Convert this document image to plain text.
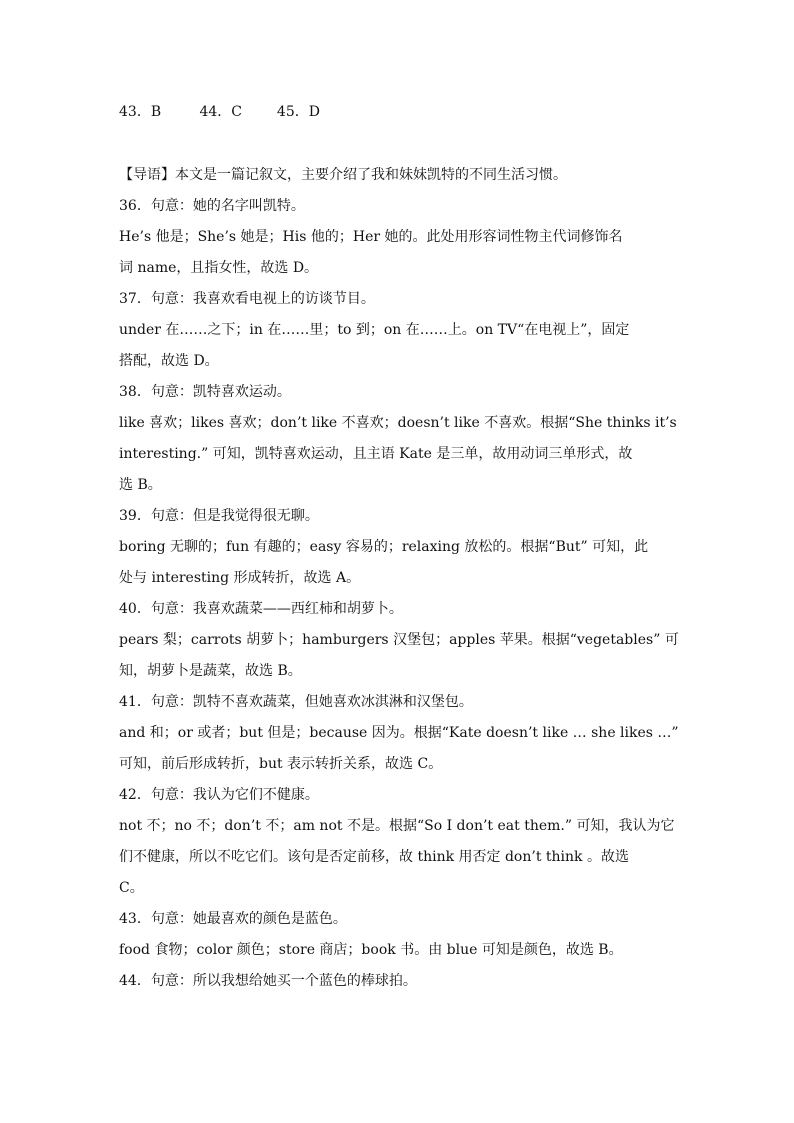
43．B	44．C 45．D
【导语】本文是一篇记叙文，主要介绍了我和妹妹凯特的不同生活习惯。
36．句意：她的名字叫凯特。
He’s 他是；She’s 她是；His 他的；Her 她的。此处用形容词性物主代词修饰名
词 name，且指女性，故选 D。
37．句意：我喜欢看电视上的访谈节目。
under 在……之下；in 在……里；to 到；on 在……上。on TV“在电视上”，固定
搭配，故选 D。
38．句意：凯特喜欢运动。
like 喜欢；likes 喜欢；don’t like 不喜欢；doesn’t like 不喜欢。根据“She thinks it’s
interesting.” 可知，凯特喜欢运动，且主语 Kate 是三单，故用动词三单形式，故
选 B。
39．句意：但是我觉得很无聊。
boring 无聊的；fun 有趣的；easy 容易的；relaxing 放松的。根据“But” 可知，此
处与 interesting 形成转折，故选 A。
40．句意：我喜欢蔬菜——西红柿和胡萝卜。
pears 梨；carrots 胡萝卜；hamburgers 汉堡包；apples 苹果。根据“vegetables” 可
知，胡萝卜是蔬菜，故选 B。
41．句意：凯特不喜欢蔬菜，但她喜欢冰淇淋和汉堡包。
and 和；or 或者；but 但是；because 因为。根据“Kate doesn’t like … she likes …”
可知，前后形成转折，but 表示转折关系，故选 C。
42．句意：我认为它们不健康。
not 不；no 不；don’t 不；am not 不是。根据“So I don’t eat them.” 可知，我认为它
们不健康，所以不吃它们。该句是否定前移，故 think 用否定 don’t think 。故选
C。
43．句意：她最喜欢的颜色是蓝色。
food 食物；color 颜色；store 商店；book 书。由 blue 可知是颜色，故选 B。
44．句意：所以我想给她买一个蓝色的棒球拍。
